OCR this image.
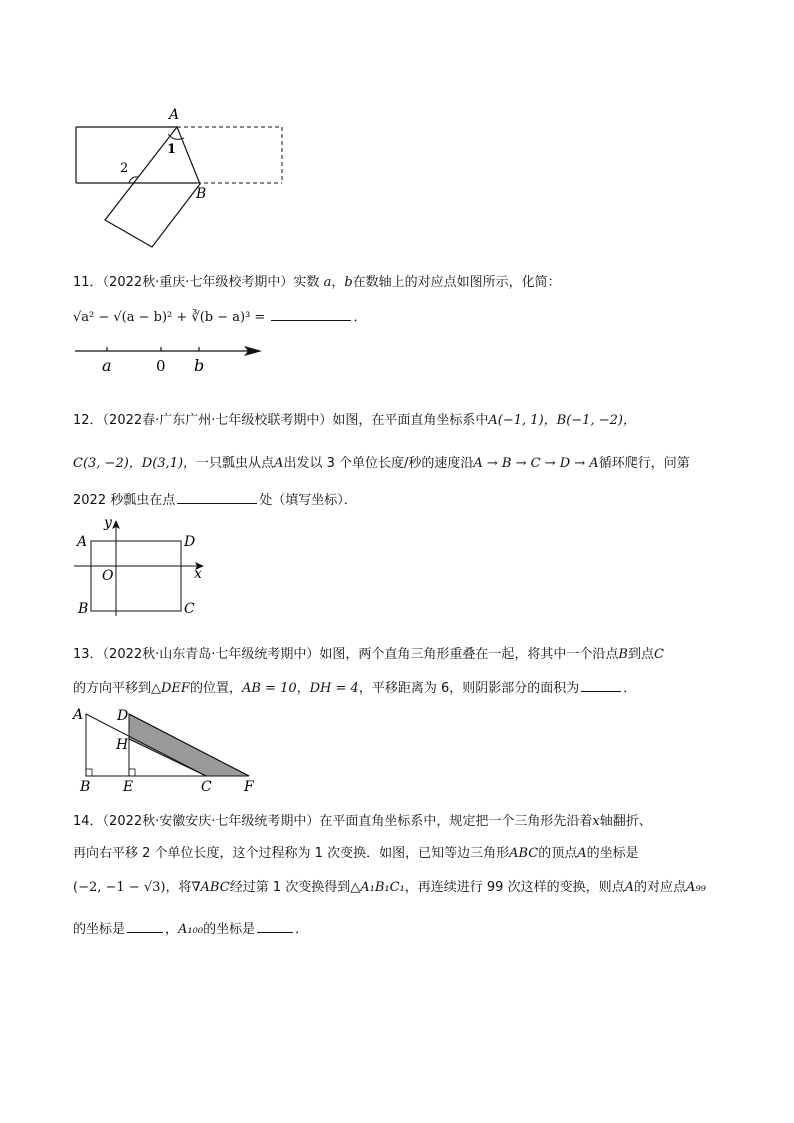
A
1
2
B
11．（2022秋·重庆·七年级校考期中）实数 a，b在数轴上的对应点如图所示，化简：
√a² − √(a − b)² + ∛(b − a)³ =	．
a	0 b
12．（2022春·广东广州·七年级校联考期中）如图，在平面直角坐标系中A(−1, 1)，B(−1, −2)，
C(3, −2)，D(3,1)，一只瓢虫从点A出发以 3 个单位长度/秒的速度沿A → B → C → D → A循环爬行，问第
2022 秒瓢虫在点	处（填写坐标）．
y
A	D
O	x
B	C
13．（2022秋·山东青岛·七年级统考期中）如图，两个直角三角形重叠在一起，将其中一个沿点B到点C
的方向平移到△DEF的位置，AB = 10，DH = 4，平移距离为 6，则阴影部分的面积为	．
A D
H
B E	C F
14．（2022秋·安徽安庆·七年级统考期中）在平面直角坐标系中，规定把一个三角形先沿着x轴翻折、
再向右平移 2 个单位长度，这个过程称为 1 次变换．如图，已知等边三角形ABC的顶点A的坐标是
(−2, −1 − √3)，将∇ABC经过第 1 次变换得到△A₁B₁C₁，再连续进行 99 次这样的变换，则点A的对应点A₉₉
的坐标是	，A₁₀₀的坐标是	．
